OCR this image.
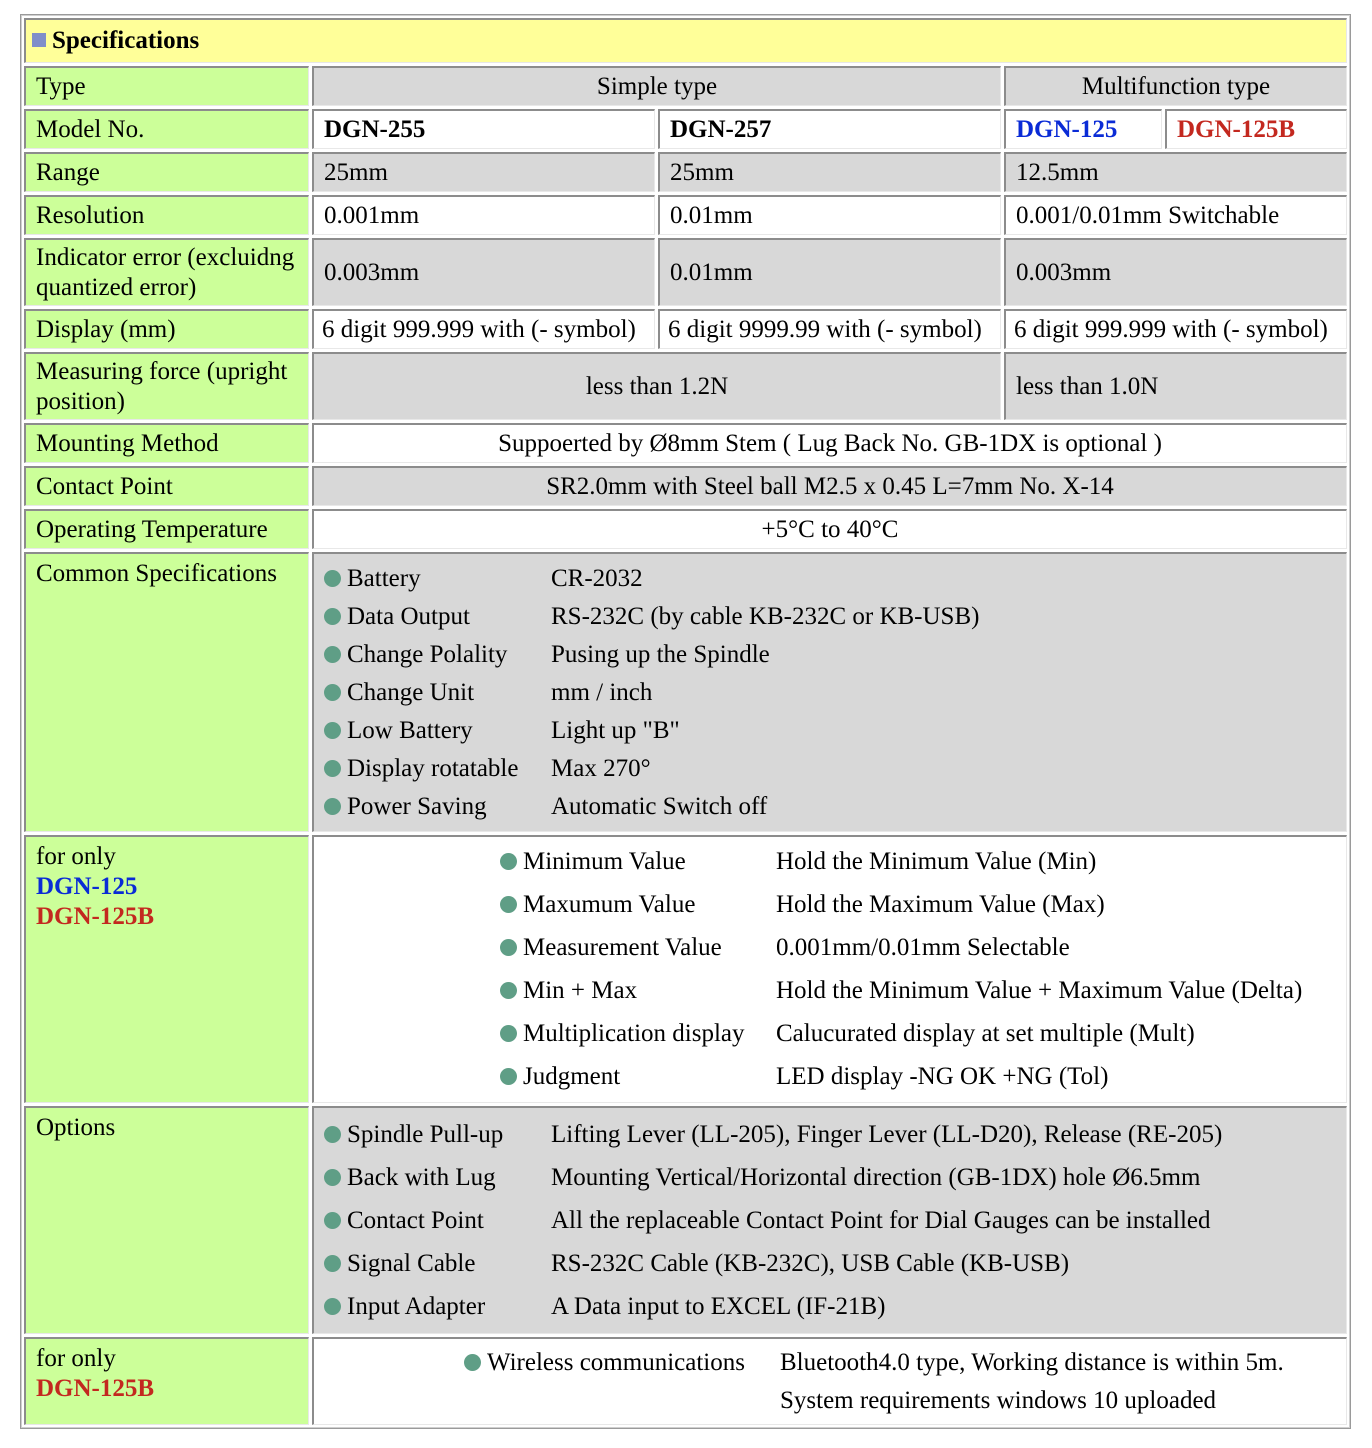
Specifications
Type	Simple type	Multifunction type
Model No.	DGN-255	DGN-257	DGN-125	DGN-125B
Range	25mm	25mm	12.5mm
Resolution	0.001mm	0.01mm	0.001/0.01mm Switchable
Indicator error (excluidng quantized error)	0.003mm	0.01mm	0.003mm
Display (mm)	6 digit 999.999 with (- symbol)	6 digit 9999.99 with (- symbol)	6 digit 999.999 with (- symbol)
Measuring force (upright position)	less than 1.2N	less than 1.0N
Mounting Method	Suppoerted by Ø8mm Stem ( Lug Back No. GB-1DX is optional )
Contact Point	SR2.0mm with Steel ball M2.5 x 0.45 L=7mm No. X-14
Operating Temperature	+5°C to 40°C
Common Specifications		Battery	CR-2032
Data Output	RS-232C (by cable KB-232C or KB-USB)
Change Polality	Pusing up the Spindle
Change Unit	mm / inch
Low Battery	Light up "B"
Display rotatable	Max 270°
Power Saving	Automatic Switch off

for only
DGN-125
DGN-125B

Minimum Value	Hold the Minimum Value (Min)
Maxumum Value	Hold the Maximum Value (Max)
Measurement Value	0.001mm/0.01mm Selectable
Min + Max	Hold the Minimum Value + Maximum Value (Delta)
Multiplication display	Calucurated display at set multiple (Mult)
Judgment	LED display -NG OK +NG (Tol)

Options		Spindle Pull-up	Lifting Lever (LL-205), Finger Lever (LL-D20), Release (RE-205)
Back with Lug	Mounting Vertical/Horizontal direction (GB-1DX) hole Ø6.5mm
Contact Point	All the replaceable Contact Point for Dial Gauges can be installed
Signal Cable	RS-232C Cable (KB-232C), USB Cable (KB-USB)
Input Adapter	A Data input to EXCEL (IF-21B)

for only
DGN-125B

Wireless communications	Bluetooth4.0 type, Working distance is within 5m.
	System requirements windows 10 uploaded
